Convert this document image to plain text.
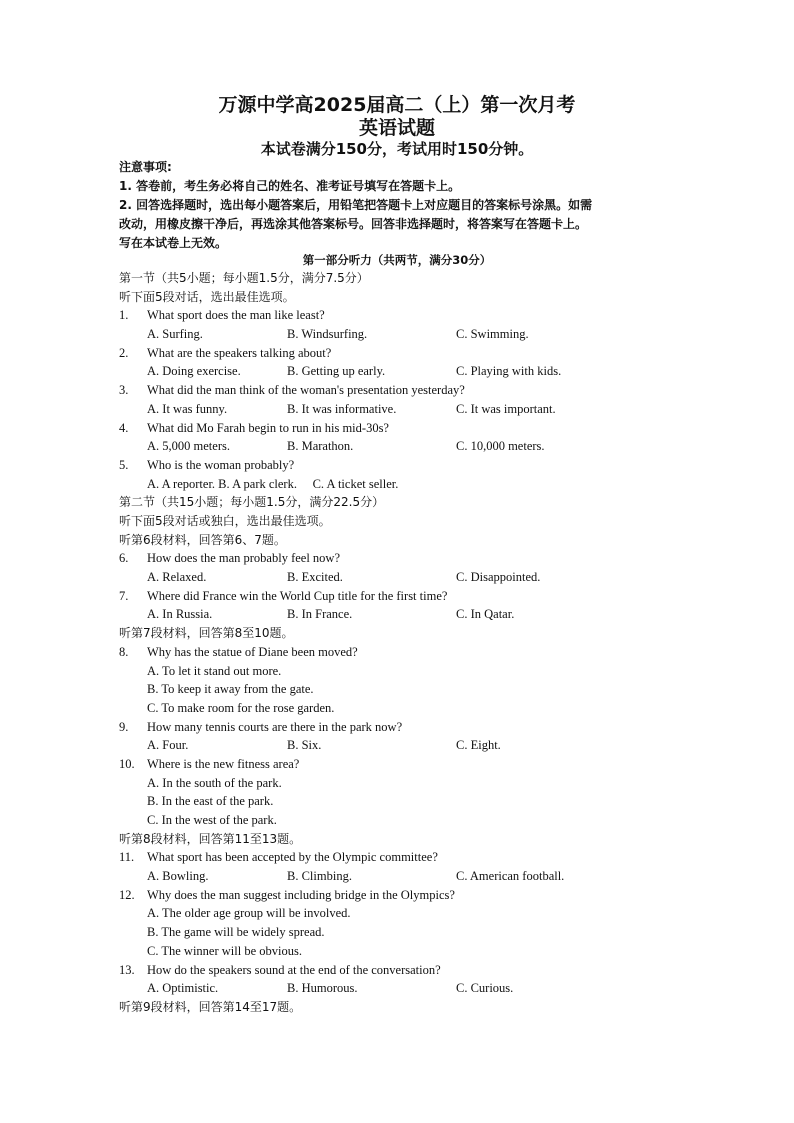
万源中学高2025届高二（上）第一次月考
英语试题
本试卷满分150分，考试用时150分钟。
注意事项:
1. 答卷前，考生务必将自己的姓名、准考证号填写在答题卡上。
2. 回答选择题时，选出每小题答案后，用铅笔把答题卡上对应题目的答案标号涂黑。如需
改动，用橡皮擦干净后，再选涂其他答案标号。回答非选择题时，将答案写在答题卡上。
写在本试卷上无效。
第一部分听力（共两节，满分30分）
第一节（共5小题；每小题1.5分，满分7.5分）
听下面5段对话，选出最佳选项。
1. What sport does the man like least?
A. Surfing.	B. Windsurfing.	C. Swimming.
2. What are the speakers talking about?
A. Doing exercise.	B. Getting up early.	C. Playing with kids.
3. What did the man think of the woman's presentation yesterday?
A. It was funny.	B. It was informative.	C. It was important.
4. What did Mo Farah begin to run in his mid-30s?
A. 5,000 meters.	B. Marathon.	C. 10,000 meters.
5. Who is the woman probably?
A. A reporter. B. A park clerk.     C. A ticket seller.
第二节（共15小题；每小题1.5分，满分22.5分）
听下面5段对话或独白，选出最佳选项。
听第6段材料，回答第6、7题。
6. How does the man probably feel now?
A. Relaxed.	B. Excited.	C. Disappointed.
7. Where did France win the World Cup title for the first time?
A. In Russia.	B. In France.	C. In Qatar.
听第7段材料，回答第8至10题。
8. Why has the statue of Diane been moved?
A. To let it stand out more.
B. To keep it away from the gate.
C. To make room for the rose garden.
9. How many tennis courts are there in the park now?
A. Four.	B. Six.	C. Eight.
10. Where is the new fitness area?
A. In the south of the park.
B. In the east of the park.
C. In the west of the park.
听第8段材料，回答第11至13题。
11. What sport has been accepted by the Olympic committee?
A. Bowling.	B. Climbing.	C. American football.
12. Why does the man suggest including bridge in the Olympics?
A. The older age group will be involved.
B. The game will be widely spread.
C. The winner will be obvious.
13. How do the speakers sound at the end of the conversation?
A. Optimistic.	B. Humorous.	C. Curious.
听第9段材料，回答第14至17题。
